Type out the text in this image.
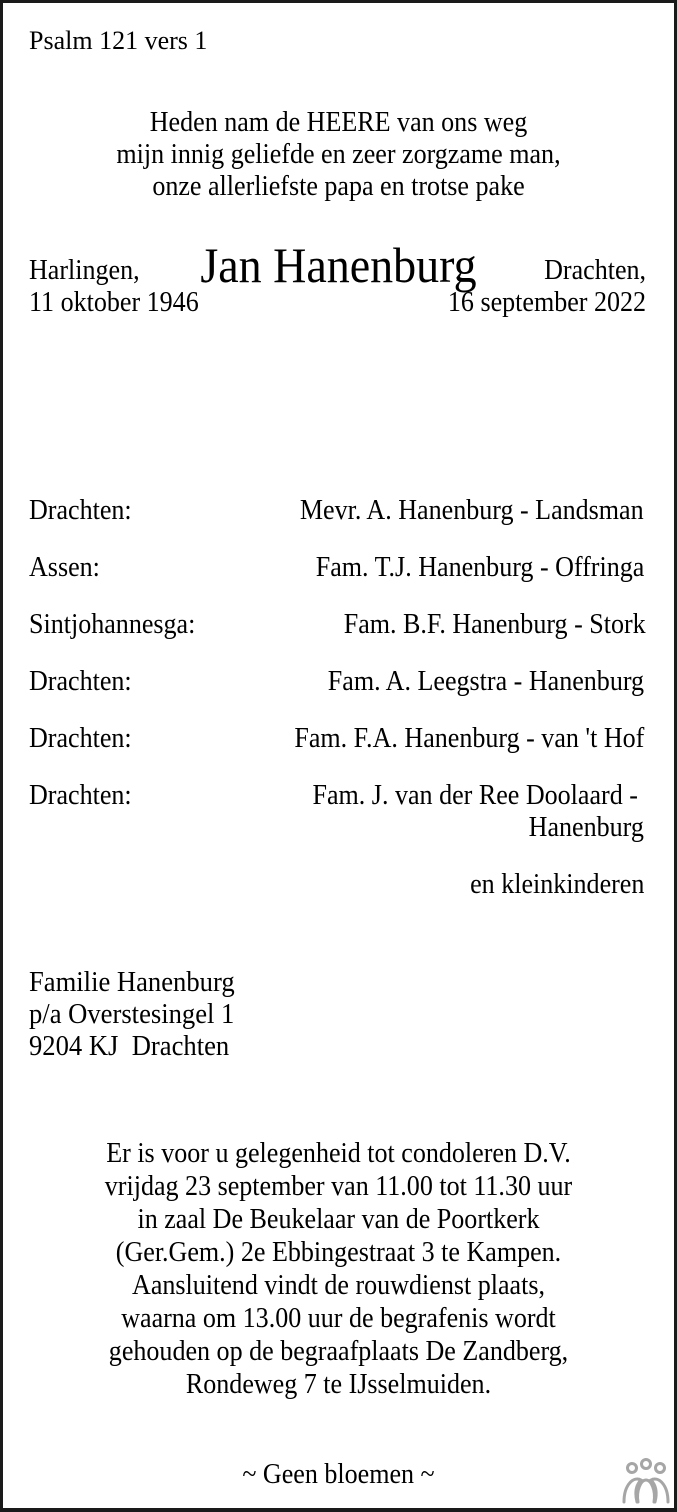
Psalm 121 vers 1
Heden nam de HEERE van ons weg
mijn innig geliefde en zeer zorgzame man,
onze allerliefste papa en trotse pake
Jan Hanenburg
Harlingen,
11 oktober 1946
Drachten,
16 september 2022
Drachten:	Mevr. A. Hanenburg - Landsman
Assen:	Fam. T.J. Hanenburg - Offringa
Sintjohannesga:	Fam. B.F. Hanenburg - Stork
Drachten:	Fam. A. Leegstra - Hanenburg
Drachten:	Fam. F.A. Hanenburg - van 't Hof
Drachten:	Fam. J. van der Ree Doolaard -
Hanenburg
en kleinkinderen
Familie Hanenburg
p/a Overstesingel 1
9204 KJ  Drachten
Er is voor u gelegenheid tot condoleren D.V.
vrijdag 23 september van 11.00 tot 11.30 uur
in zaal De Beukelaar van de Poortkerk
(Ger.Gem.) 2e Ebbingestraat 3 te Kampen.
Aansluitend vindt de rouwdienst plaats,
waarna om 13.00 uur de begrafenis wordt
gehouden op de begraafplaats De Zandberg,
Rondeweg 7 te IJsselmuiden.
~ Geen bloemen ~
